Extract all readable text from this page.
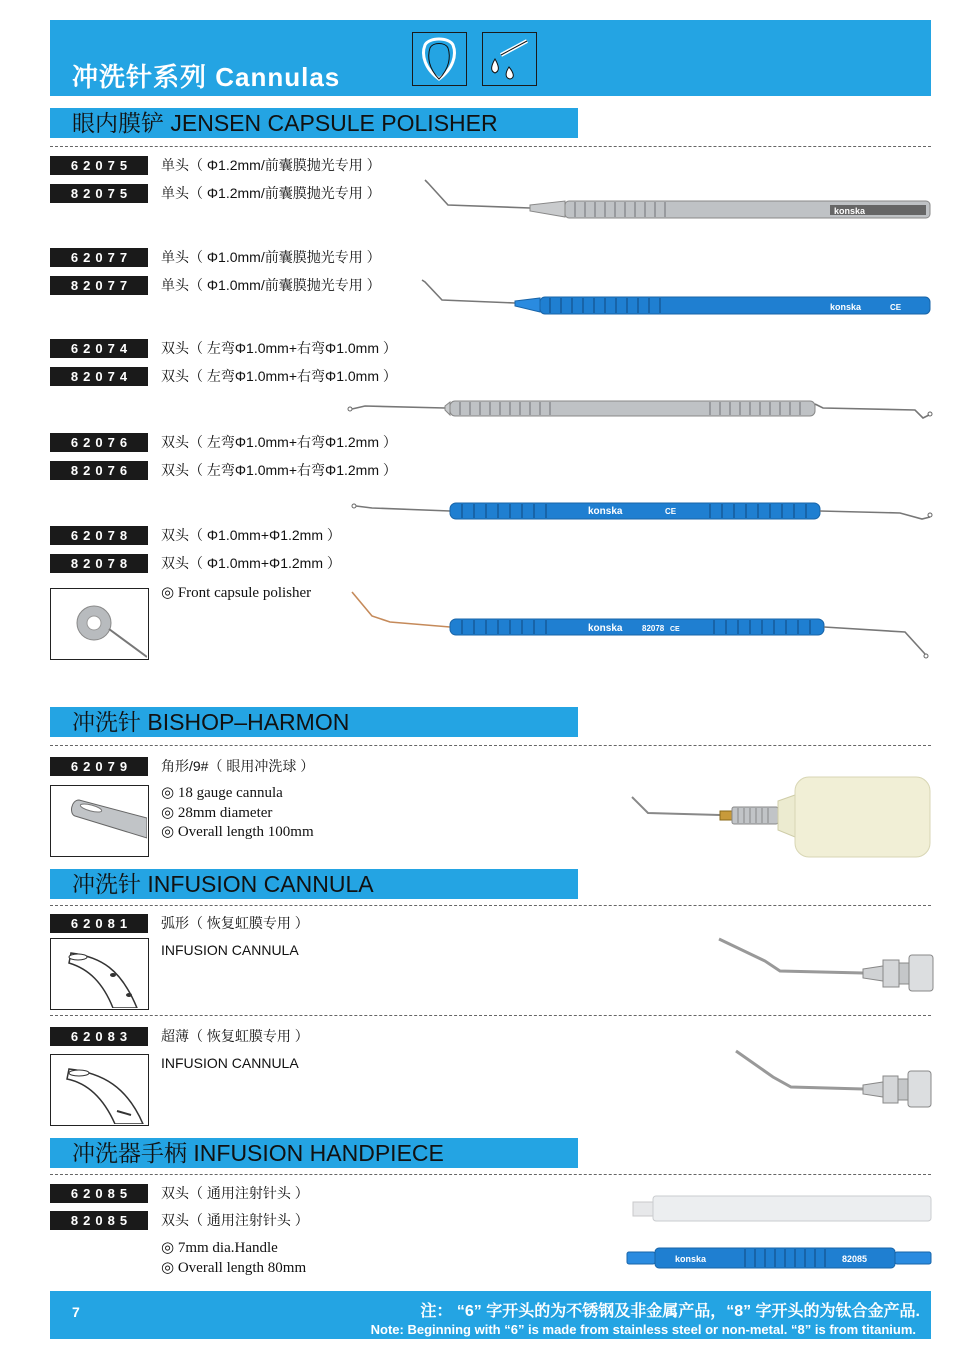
冲洗针系列 Cannulas
眼内膜铲 JENSEN CAPSULE POLISHER
62075	单头（ Φ1.2mm/前囊膜抛光专用 ）
82075	单头（ Φ1.2mm/前囊膜抛光专用 ）
konska
62077	单头（ Φ1.0mm/前囊膜抛光专用 ）
82077	单头（ Φ1.0mm/前囊膜抛光专用 ）
konska	CE
62074	双头（ 左弯Φ1.0mm+右弯Φ1.0mm ）
82074	双头（ 左弯Φ1.0mm+右弯Φ1.0mm ）
62076	双头（ 左弯Φ1.0mm+右弯Φ1.2mm ）
82076	双头（ 左弯Φ1.0mm+右弯Φ1.2mm ）
konska	CE
62078	双头（ Φ1.0mm+Φ1.2mm ）
82078	双头（ Φ1.0mm+Φ1.2mm ）
◎ Front capsule polisher
konska 82078 CE
冲洗针 BISHOP–HARMON
62079	角形/9#（ 眼用冲洗球 ）
◎ 18 gauge cannula
◎ 28mm diameter
◎ Overall length 100mm
冲洗针 INFUSION CANNULA
62081	弧形（ 恢复虹膜专用 ）
INFUSION CANNULA
62083	超薄（ 恢复虹膜专用 ）
INFUSION CANNULA
冲洗器手柄 INFUSION HANDPIECE
62085	双头（ 通用注射针头 ）
82085	双头（ 通用注射针头 ）
◎ 7mm dia.Handle
◎ Overall length 80mm
konska	82085
7	注： “6” 字开头的为不锈钢及非金属产品，“8” 字开头的为钛合金产品.
Note: Beginning with “6” is made from stainless steel or non-metal. “8” is from titanium.
